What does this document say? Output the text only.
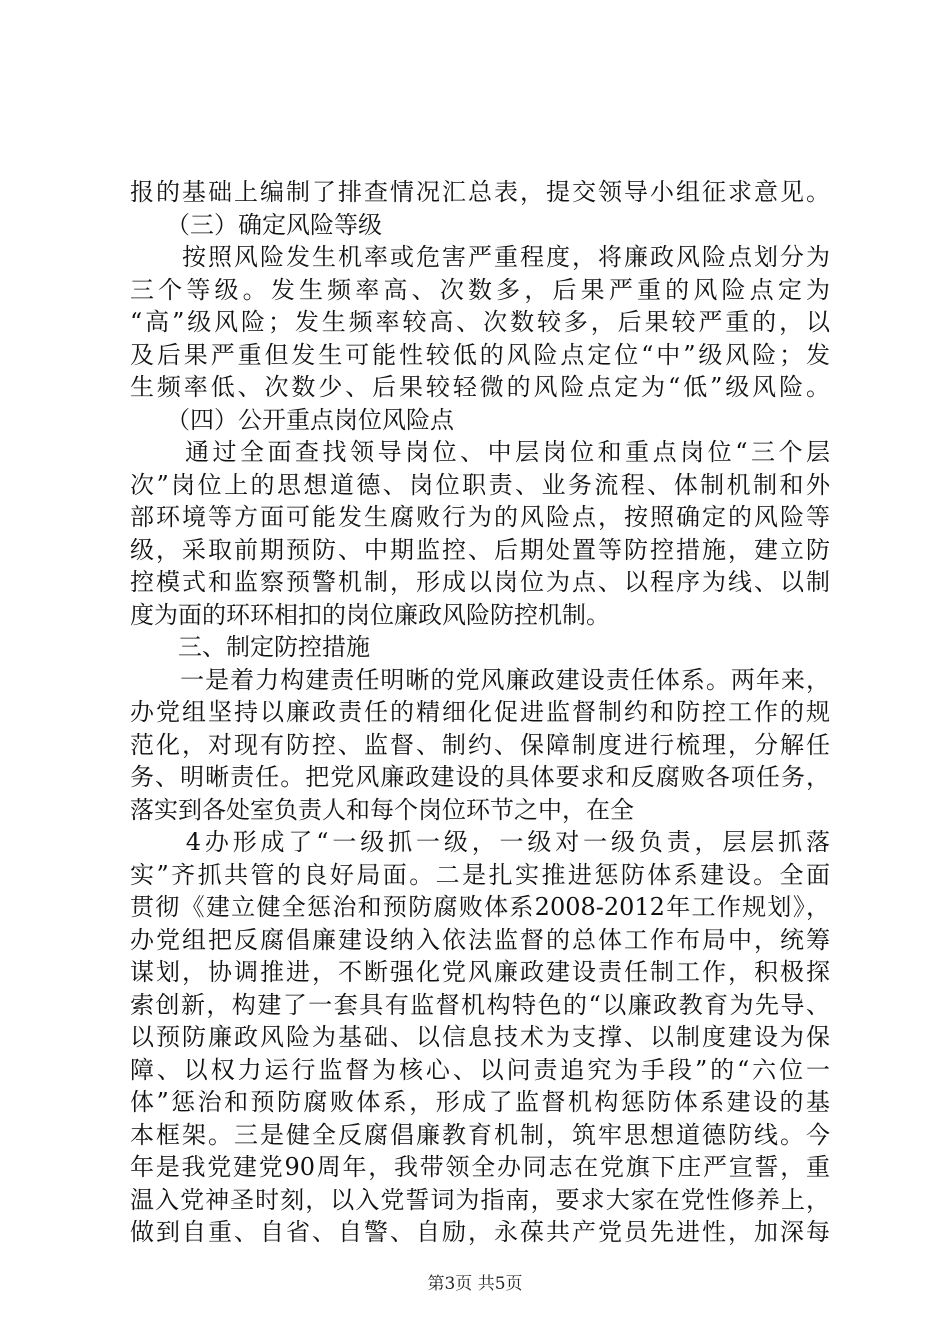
报的基础上编制了排查情况汇总表，提交领导小组征求意见。
　　（三）确定风险等级
　　按照风险发生机率或危害严重程度，将廉政风险点划分为
三个等级。发生频率高、次数多，后果严重的风险点定为
“高”级风险；发生频率较高、次数较多，后果较严重的，以
及后果严重但发生可能性较低的风险点定位“中”级风险；发
生频率低、次数少、后果较轻微的风险点定为“低”级风险。
　　（四）公开重点岗位风险点
　　通过全面查找领导岗位、中层岗位和重点岗位“三个层
次”岗位上的思想道德、岗位职责、业务流程、体制机制和外
部环境等方面可能发生腐败行为的风险点，按照确定的风险等
级，采取前期预防、中期监控、后期处置等防控措施，建立防
控模式和监察预警机制，形成以岗位为点、以程序为线、以制
度为面的环环相扣的岗位廉政风险防控机制。
　　三、制定防控措施
　　一是着力构建责任明晰的党风廉政建设责任体系。两年来，
办党组坚持以廉政责任的精细化促进监督制约和防控工作的规
范化，对现有防控、监督、制约、保障制度进行梳理，分解任
务、明晰责任。把党风廉政建设的具体要求和反腐败各项任务，
落实到各处室负责人和每个岗位环节之中，在全
　　4办形成了“一级抓一级，一级对一级负责，层层抓落
实”齐抓共管的良好局面。二是扎实推进惩防体系建设。全面
贯彻《建立健全惩治和预防腐败体系2008-2012年工作规划》，
办党组把反腐倡廉建设纳入依法监督的总体工作布局中，统筹
谋划，协调推进，不断强化党风廉政建设责任制工作，积极探
索创新，构建了一套具有监督机构特色的“以廉政教育为先导、
以预防廉政风险为基础、以信息技术为支撑、以制度建设为保
障、以权力运行监督为核心、以问责追究为手段”的“六位一
体”惩治和预防腐败体系，形成了监督机构惩防体系建设的基
本框架。三是健全反腐倡廉教育机制，筑牢思想道德防线。今
年是我党建党90周年，我带领全办同志在党旗下庄严宣誓，重
温入党神圣时刻，以入党誓词为指南，要求大家在党性修养上，
做到自重、自省、自警、自励，永葆共产党员先进性，加深每
第3页 共5页
